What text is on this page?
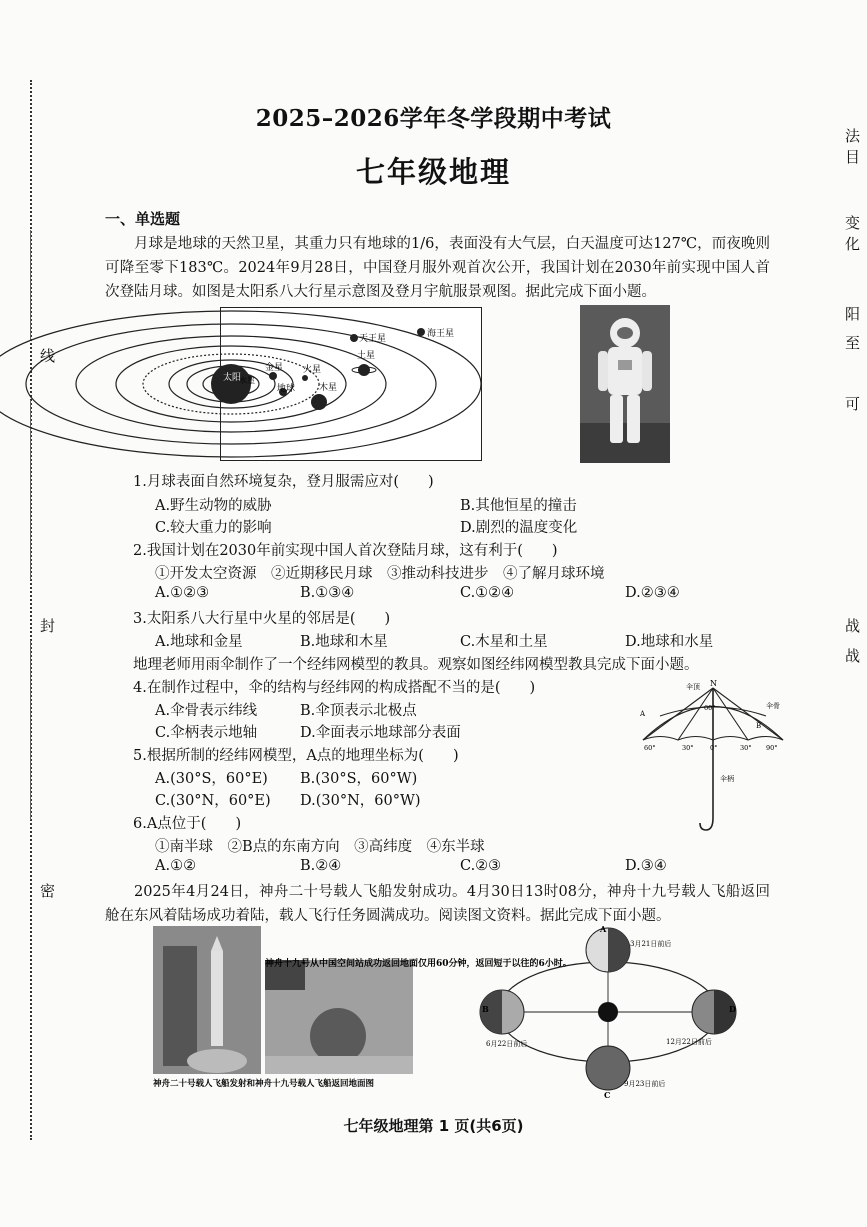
线
封
密
法目
变化
阳
至
可
战
战
2025–2026学年冬学段期中考试
七年级地理
一、单选题
月球是地球的天然卫星，其重力只有地球的1/6，表面没有大气层，白天温度可达127℃，而夜晚则可降至零下183℃。2024年9月28日，中国登月服外观首次公开，我国计划在2030年前实现中国人首次登陆月球。如图是太阳系八大行星示意图及登月宇航服景观图。据此完成下面小题。
太阳
水星
金星
地球
火星
木星
土星
天王星	海王星
1.月球表面自然环境复杂，登月服需应对(　　)
A.野生动物的威胁	B.其他恒星的撞击
C.较大重力的影响	D.剧烈的温度变化
2.我国计划在2030年前实现中国人首次登陆月球，这有利于(　　)
①开发太空资源　②近期移民月球　③推动科技进步　④了解月球环境
A.①②③	B.①③④	C.①②④	D.②③④
3.太阳系八大行星中火星的邻居是(　　)
A.地球和金星	B.地球和木星	C.木星和土星	D.地球和水星
地理老师用雨伞制作了一个经纬网模型的教具。观察如图经纬网模型教具完成下面小题。
4.在制作过程中，伞的结构与经纬网的构成搭配不当的是(　　)
A.伞骨表示纬线	B.伞顶表示北极点
C.伞柄表示地轴	D.伞面表示地球部分表面
5.根据所制的经纬网模型，A点的地理坐标为(　　)
A.(30°S，60°E) B.(30°S，60°W)
C.(30°N，60°E) D.(30°N，60°W)
6.A点位于(　　)
①南半球　②B点的东南方向　③高纬度　④东半球
A.①②	B.②④	C.②③	D.③④
N
伞顶
A
B
伞骨
伞柄
60°
60°	30°	0°	30° 90°
2025年4月24日，神舟二十号载人飞船发射成功。4月30日13时08分，神舟十九号载人飞船返回舱在东风着陆场成功着陆，载人飞行任务圆满成功。阅读图文资料。据此完成下面小题。
神舟十九号从中国空间站成功返回地面仅用60分钟，返回短于以往的6小时。
神舟二十号载人飞船发射和神舟十九号载人飞船返回地面图
A
B
C
D
3月21日前后
6月22日前后
9月23日前后
12月22日前后
七年级地理第 1 页(共6页)
